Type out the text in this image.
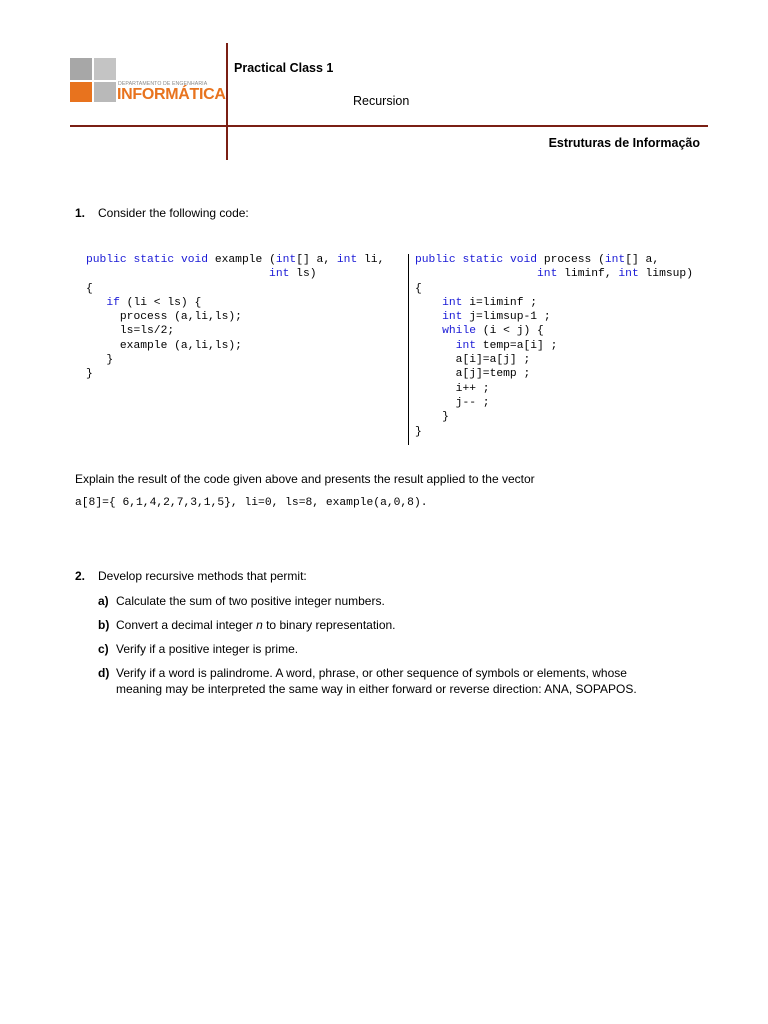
DEPARTAMENTO DE ENGENHARIA
INFORMÁTICA
Practical Class 1
Recursion
Estruturas de Informação
1. Consider the following code:
public static void example (int[] a, int li,
int ls)
{
if (li < ls) {
process (a,li,ls);
ls=ls/2;
example (a,li,ls);
}
}
public static void process (int[] a,
int liminf, int limsup)
{
int i=liminf ;
int j=limsup-1 ;
while (i < j) {
int temp=a[i] ;
a[i]=a[j] ;
a[j]=temp ;
i++ ;
j-- ;
}
}
Explain the result of the code given above and presents the result applied to the vector
a[8]={ 6,1,4,2,7,3,1,5}, li=0, ls=8, example(a,0,8).
2. Develop recursive methods that permit:
a) Calculate the sum of two positive integer numbers.
b) Convert a decimal integer n to binary representation.
c) Verify if a positive integer is prime.
d) Verify if a word is palindrome. A word, phrase, or other sequence of symbols or elements, whose
meaning may be interpreted the same way in either forward or reverse direction: ANA, SOPAPOS.
